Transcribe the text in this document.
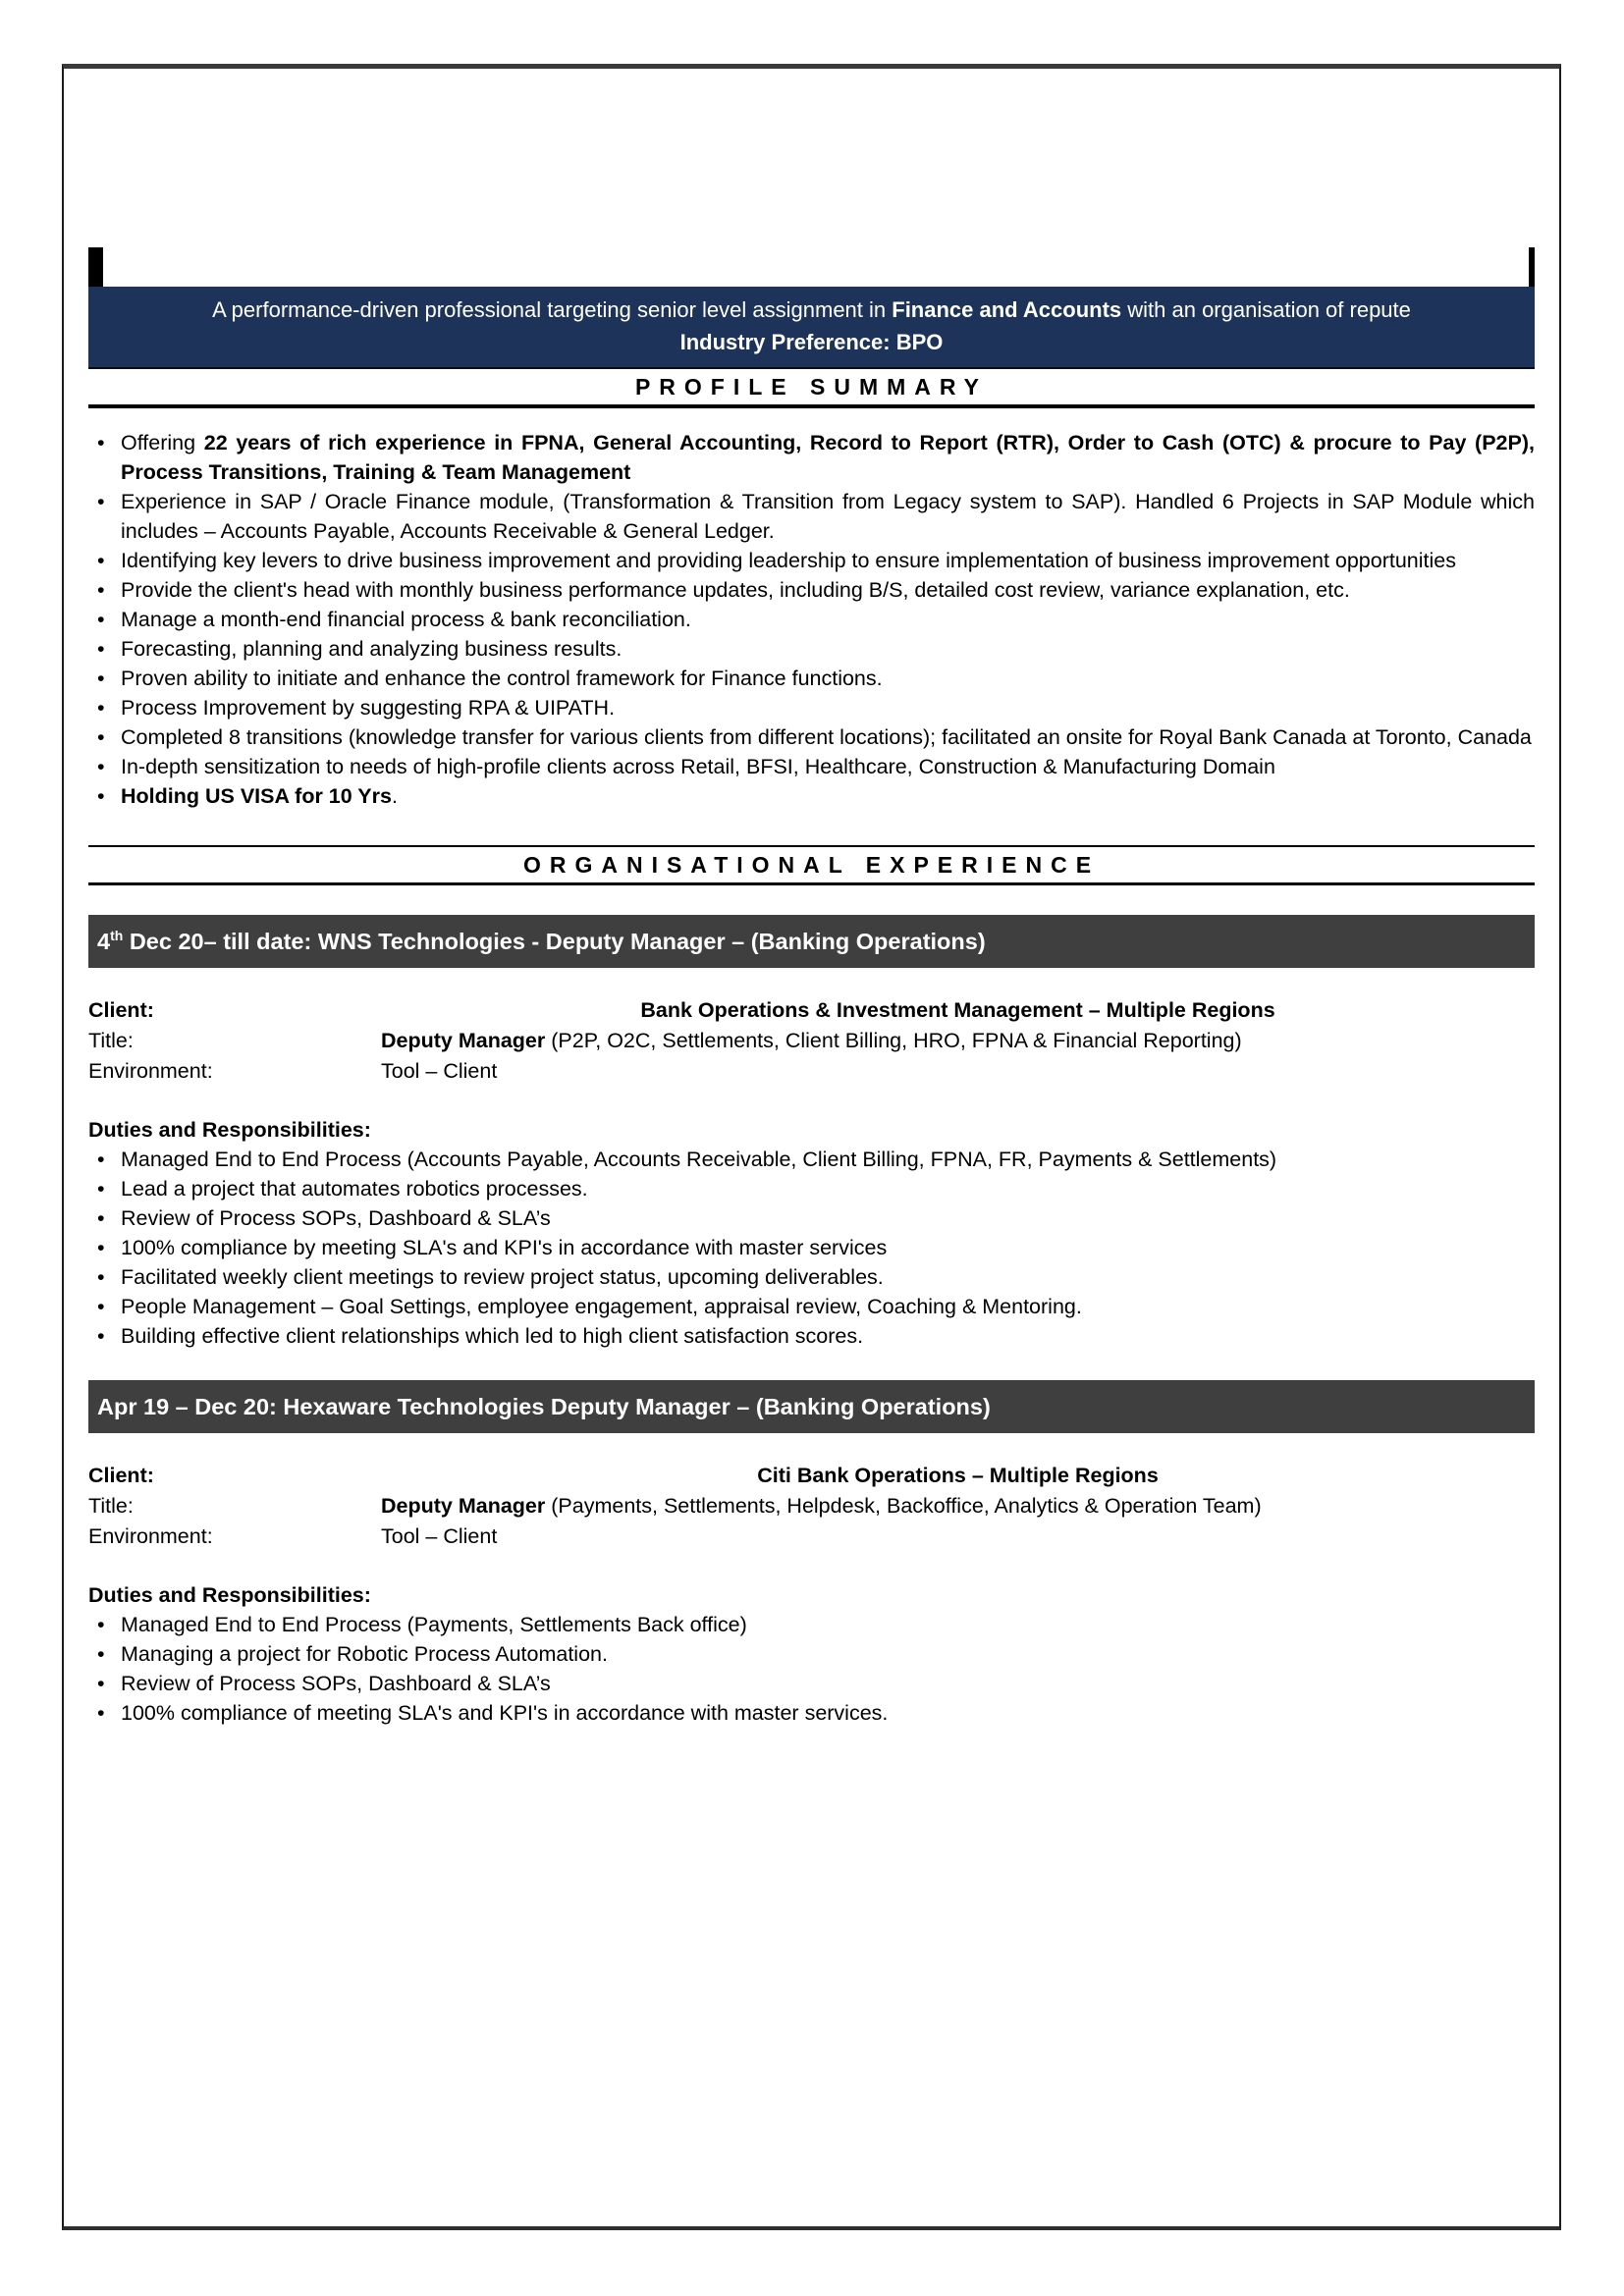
A performance-driven professional targeting senior level assignment in Finance and Accounts with an organisation of repute
Industry Preference: BPO
PROFILE SUMMARY
• Offering 22 years of rich experience in FPNA, General Accounting, Record to Report (RTR), Order to Cash (OTC) & procure to Pay (P2P), Process Transitions, Training & Team Management
• Experience in SAP / Oracle Finance module, (Transformation & Transition from Legacy system to SAP). Handled 6 Projects in SAP Module which includes – Accounts Payable, Accounts Receivable & General Ledger.
• Identifying key levers to drive business improvement and providing leadership to ensure implementation of business improvement opportunities
• Provide the client's head with monthly business performance updates, including B/S, detailed cost review, variance explanation, etc.
• Manage a month-end financial process & bank reconciliation.
• Forecasting, planning and analyzing business results.
• Proven ability to initiate and enhance the control framework for Finance functions.
• Process Improvement by suggesting RPA & UIPATH.
• Completed 8 transitions (knowledge transfer for various clients from different locations); facilitated an onsite for Royal Bank Canada at Toronto, Canada
• In-depth sensitization to needs of high-profile clients across Retail, BFSI, Healthcare, Construction & Manufacturing Domain
• Holding US VISA for 10 Yrs.
ORGANISATIONAL EXPERIENCE
4th Dec 20– till date: WNS Technologies - Deputy Manager – (Banking Operations)
Client:	Bank Operations & Investment Management – Multiple Regions
Title:	Deputy Manager (P2P, O2C, Settlements, Client Billing, HRO, FPNA & Financial Reporting)
Environment:	Tool – Client
Duties and Responsibilities:
• Managed End to End Process (Accounts Payable, Accounts Receivable, Client Billing, FPNA, FR, Payments & Settlements)
• Lead a project that automates robotics processes.
• Review of Process SOPs, Dashboard & SLA’s
• 100% compliance by meeting SLA's and KPI's in accordance with master services
• Facilitated weekly client meetings to review project status, upcoming deliverables.
• People Management – Goal Settings, employee engagement, appraisal review, Coaching & Mentoring.
• Building effective client relationships which led to high client satisfaction scores.
Apr 19 – Dec 20: Hexaware Technologies Deputy Manager – (Banking Operations)
Client:	Citi Bank Operations – Multiple Regions
Title:	Deputy Manager (Payments, Settlements, Helpdesk, Backoffice, Analytics & Operation Team)
Environment:	Tool – Client
Duties and Responsibilities:
• Managed End to End Process (Payments, Settlements Back office)
• Managing a project for Robotic Process Automation.
• Review of Process SOPs, Dashboard & SLA’s
• 100% compliance of meeting SLA's and KPI's in accordance with master services.
